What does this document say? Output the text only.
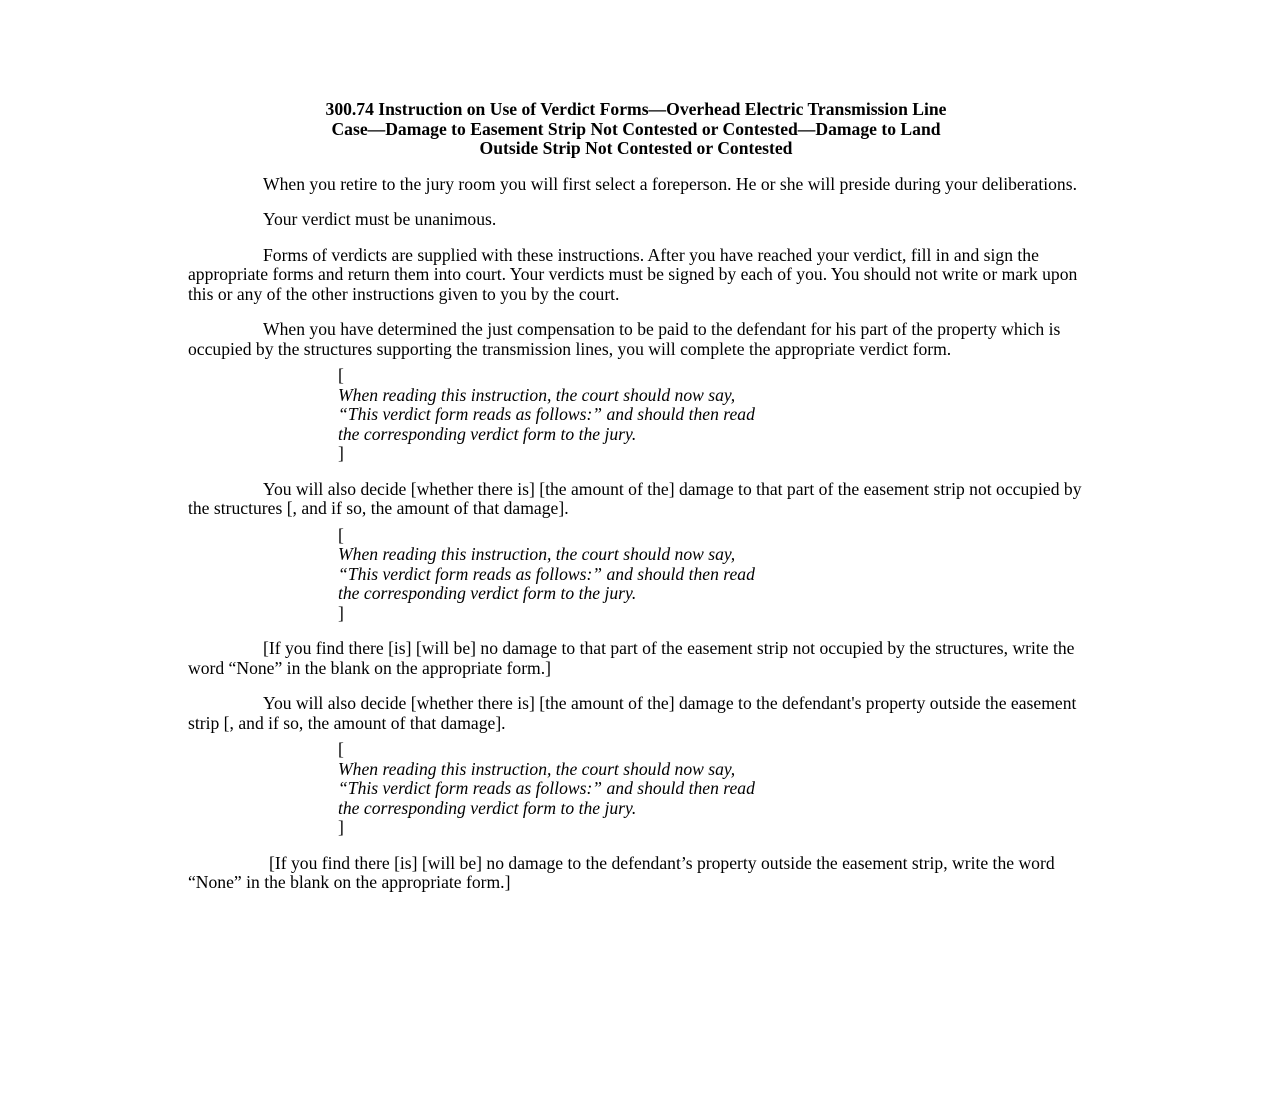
300.74 Instruction on Use of Verdict Forms—Overhead Electric Transmission Line
Case—Damage to Easement Strip Not Contested or Contested—Damage to Land
Outside Strip Not Contested or Contested

When you retire to the jury room you will first select a foreperson. He or she will preside during your deliberations.

Your verdict must be unanimous.

Forms of verdicts are supplied with these instructions. After you have reached your verdict, fill in and sign the appropriate forms and return them into court. Your verdicts must be signed by each of you. You should not write or mark upon this or any of the other instructions given to you by the court.

When you have determined the just compensation to be paid to the defendant for his part of the property which is occupied by the structures supporting the transmission lines, you will complete the appropriate verdict form.

[
When reading this instruction, the court should now say,
“This verdict form reads as follows:” and should then read
the corresponding verdict form to the jury.
]

You will also decide [whether there is] [the amount of the] damage to that part of the easement strip not occupied by the structures [, and if so, the amount of that damage].

[
When reading this instruction, the court should now say,
“This verdict form reads as follows:” and should then read
the corresponding verdict form to the jury.
]

[If you find there [is] [will be] no damage to that part of the easement strip not occupied by the structures, write the word “None” in the blank on the appropriate form.]

You will also decide [whether there is] [the amount of the] damage to the defendant's property outside the easement strip [, and if so, the amount of that damage].

[
When reading this instruction, the court should now say,
“This verdict form reads as follows:” and should then read
the corresponding verdict form to the jury.
]

[If you find there [is] [will be] no damage to the defendant’s property outside the easement strip, write the word “None” in the blank on the appropriate form.]
